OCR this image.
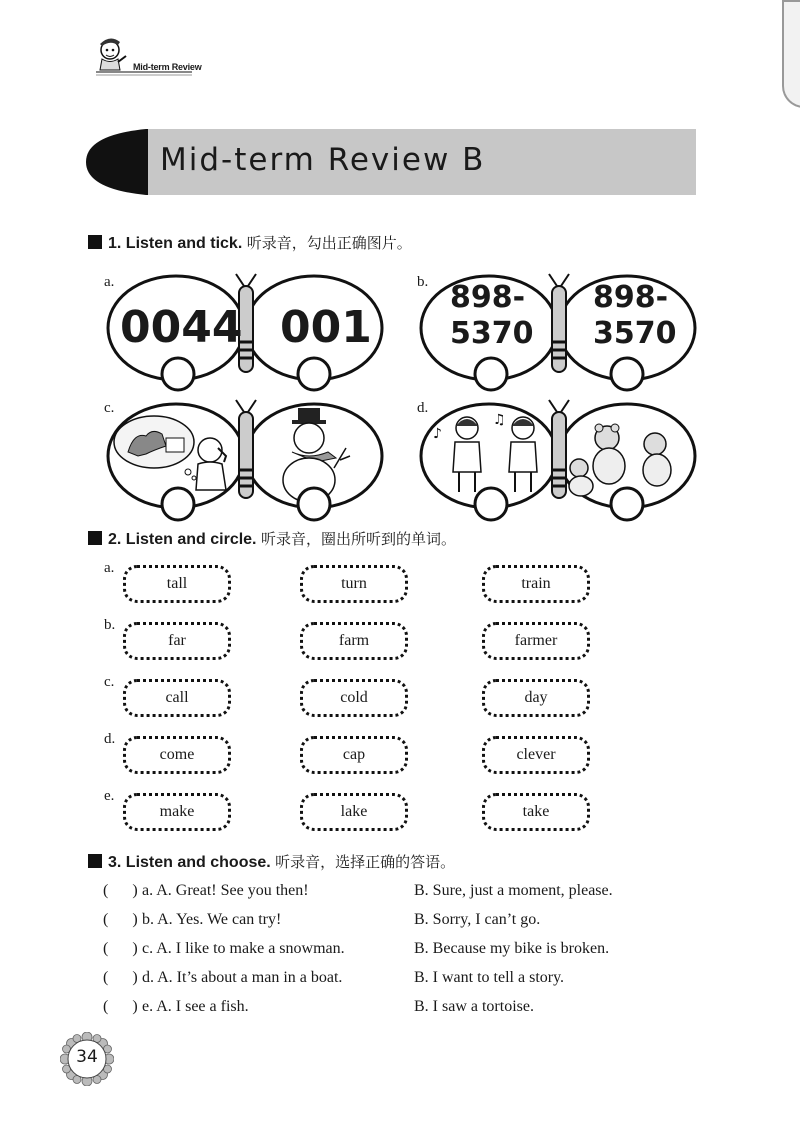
Mid-term Review
Mid-term Review B
1. Listen and tick. 听录音，勾出正确图片。
a.
0044 001
b. 898-
5370
898-
3570
c.	d.
♪
♫
2. Listen and circle. 听录音，圈出所听到的单词。
a.
tall	turn	train
b.
far	farm	farmer
c.
call	cold	day
d.
come	cap	clever
e.
make	lake	take
3. Listen and choose. 听录音，选择正确的答语。
(      ) a. A. Great! See you then!	B. Sure, just a moment, please.
(      ) b. A. Yes. We can try!	B. Sorry, I can’t go.
(      ) c. A. I like to make a snowman.	B. Because my bike is broken.
(      ) d. A. It’s about a man in a boat.	B. I want to tell a story.
(      ) e. A. I see a fish.	B. I saw a tortoise.
34
